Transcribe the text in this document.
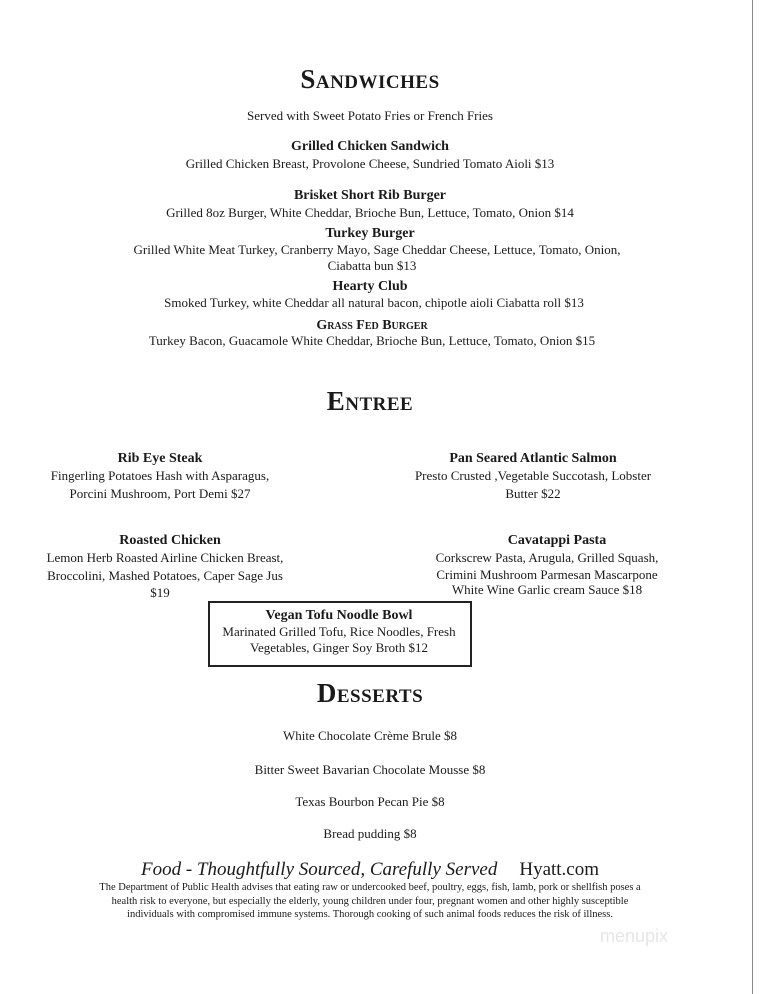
Sandwiches
Served with Sweet Potato Fries or French Fries
Grilled Chicken Sandwich
Grilled Chicken Breast, Provolone Cheese, Sundried Tomato Aioli $13
Brisket Short Rib Burger
Grilled 8oz Burger, White Cheddar, Brioche Bun, Lettuce, Tomato, Onion $14
Turkey Burger
Grilled White Meat Turkey, Cranberry Mayo, Sage Cheddar Cheese, Lettuce, Tomato, Onion,
Ciabatta bun $13
Hearty Club
Smoked Turkey, white Cheddar all natural bacon, chipotle aioli Ciabatta roll $13
Grass Fed Burger
Turkey Bacon, Guacamole White Cheddar, Brioche Bun, Lettuce, Tomato, Onion $15
Entree
Rib Eye Steak
Fingerling Potatoes Hash with Asparagus,
Porcini Mushroom, Port Demi $27
Pan Seared Atlantic Salmon
Presto Crusted ,Vegetable Succotash, Lobster
Butter $22
Roasted Chicken
Lemon Herb Roasted Airline Chicken Breast,
Broccolini, Mashed Potatoes, Caper Sage Jus
$19
Cavatappi Pasta
Corkscrew Pasta, Arugula, Grilled Squash,
Crimini Mushroom Parmesan Mascarpone
White Wine Garlic cream Sauce $18
Vegan Tofu Noodle Bowl
Marinated Grilled Tofu, Rice Noodles, Fresh
Vegetables, Ginger Soy Broth $12
Desserts
White Chocolate Crème Brule $8
Bitter Sweet Bavarian Chocolate Mousse $8
Texas Bourbon Pecan Pie $8
Bread pudding $8
Food - Thoughtfully Sourced, Carefully Served Hyatt.com
The Department of Public Health advises that eating raw or undercooked beef, poultry, eggs, fish, lamb, pork or shellfish poses a
health risk to everyone, but especially the elderly, young children under four, pregnant women and other highly susceptible
individuals with compromised immune systems. Thorough cooking of such animal foods reduces the risk of illness.
menupix
